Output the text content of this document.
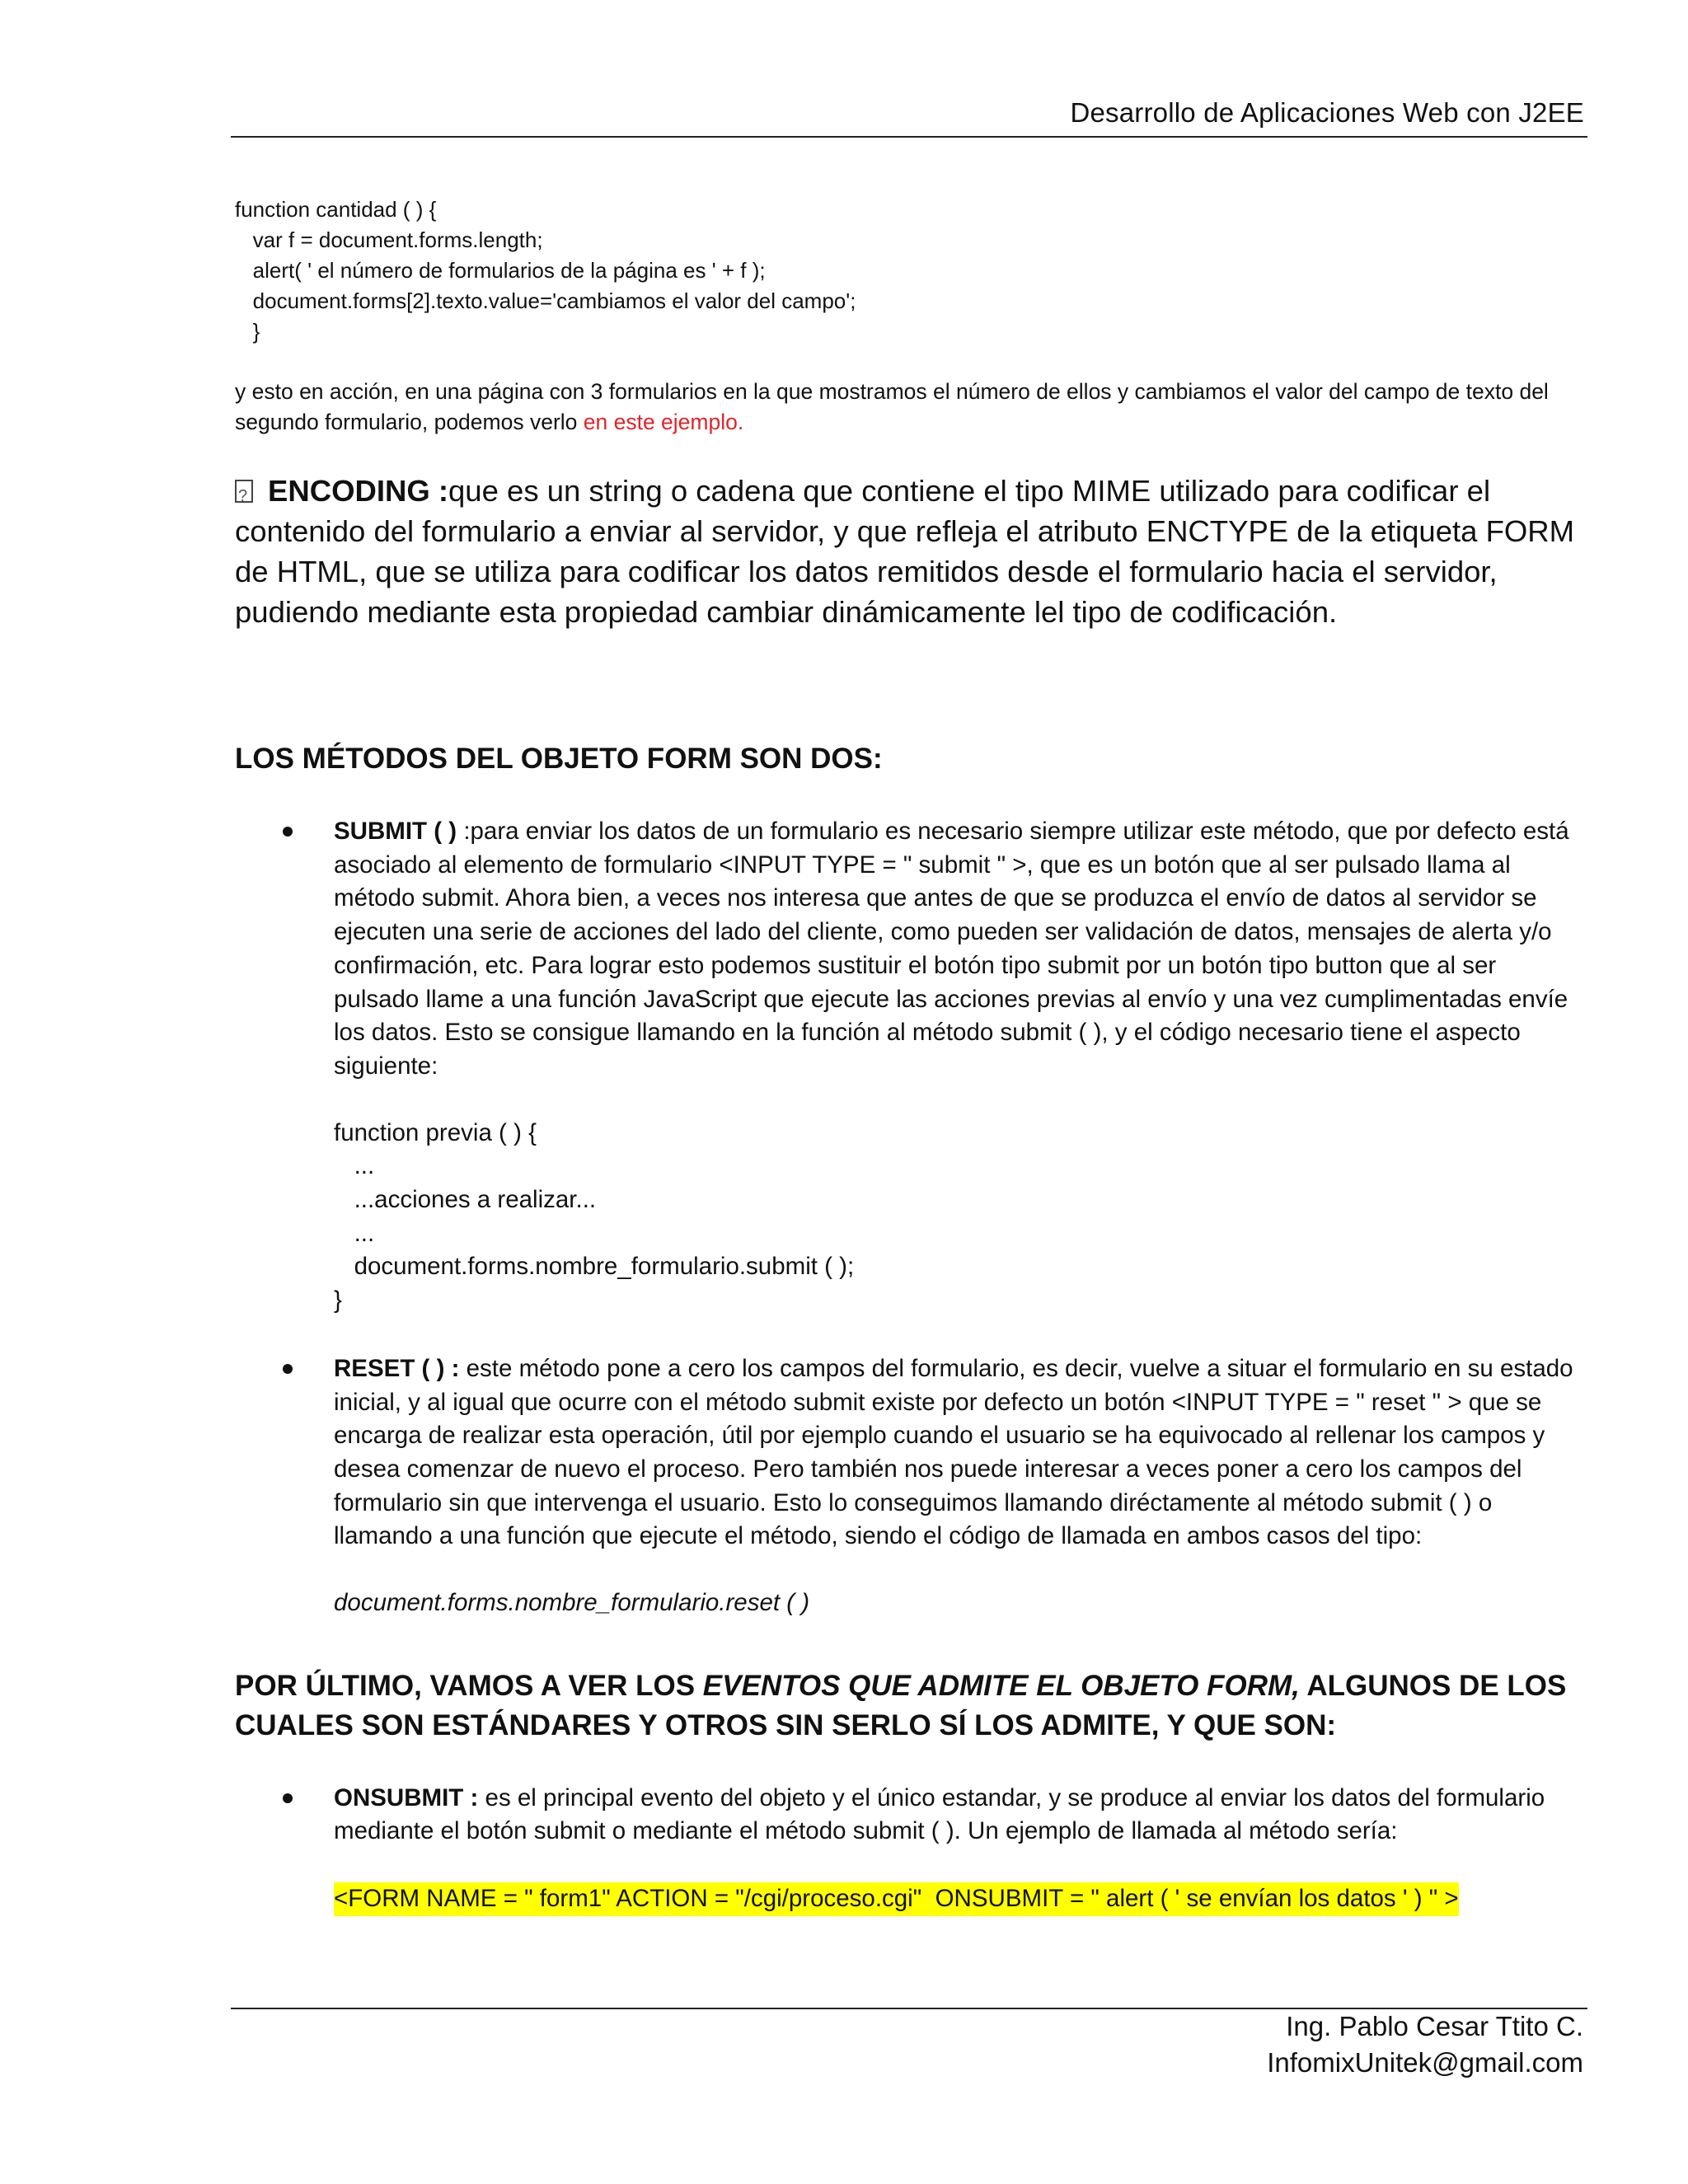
Desarrollo de Aplicaciones Web con J2EE
function cantidad ( ) {
var f = document.forms.length;
alert( ' el número de formularios de la página es ' + f );
document.forms[2].texto.value='cambiamos el valor del campo';
}
y esto en acción, en una página con 3 formularios en la que mostramos el número de ellos y cambiamos el valor del campo de texto del segundo formulario, podemos verlo en este ejemplo.
?ENCODING :que es un string o cadena que contiene el tipo MIME utilizado para codificar el contenido del formulario a enviar al servidor, y que refleja el atributo ENCTYPE de la etiqueta FORM de HTML, que se utiliza para codificar los datos remitidos desde el formulario hacia el servidor, pudiendo mediante esta propiedad cambiar dinámicamente lel tipo de codificación.
LOS MÉTODOS DEL OBJETO FORM SON DOS:
SUBMIT ( ) :para enviar los datos de un formulario es necesario siempre utilizar este método, que por defecto está asociado al elemento de formulario <INPUT TYPE = " submit " >, que es un botón que al ser pulsado llama al método submit. Ahora bien, a veces nos interesa que antes de que se produzca el envío de datos al servidor se ejecuten una serie de acciones del lado del cliente, como pueden ser validación de datos, mensajes de alerta y/o confirmación, etc. Para lograr esto podemos sustituir el botón tipo submit por un botón tipo button que al ser pulsado llame a una función JavaScript que ejecute las acciones previas al envío y una vez cumplimentadas envíe los datos. Esto se consigue llamando en la función al método submit ( ), y el código necesario tiene el aspecto siguiente:
function previa ( ) {
...
...acciones a realizar...
...
document.forms.nombre_formulario.submit ( );
}
RESET ( ) : este método pone a cero los campos del formulario, es decir, vuelve a situar el formulario en su estado inicial, y al igual que ocurre con el método submit existe por defecto un botón <INPUT TYPE = " reset " > que se encarga de realizar esta operación, útil por ejemplo cuando el usuario se ha equivocado al rellenar los campos y desea comenzar de nuevo el proceso. Pero también nos puede interesar a veces poner a cero los campos del formulario sin que intervenga el usuario. Esto lo conseguimos llamando diréctamente al método submit ( ) o llamando a una función que ejecute el método, siendo el código de llamada en ambos casos del tipo:
document.forms.nombre_formulario.reset ( )
POR ÚLTIMO, VAMOS A VER LOS EVENTOS QUE ADMITE EL OBJETO FORM, ALGUNOS DE LOS CUALES SON ESTÁNDARES Y OTROS SIN SERLO SÍ LOS ADMITE, Y QUE SON:
ONSUBMIT : es el principal evento del objeto y el único estandar, y se produce al enviar los datos del formulario mediante el botón submit o mediante el método submit ( ). Un ejemplo de llamada al método sería:
<FORM NAME = " form1" ACTION = "/cgi/proceso.cgi"  ONSUBMIT = " alert ( ' se envían los datos ' ) " >
Ing. Pablo Cesar Ttito C.
InfomixUnitek@gmail.com
